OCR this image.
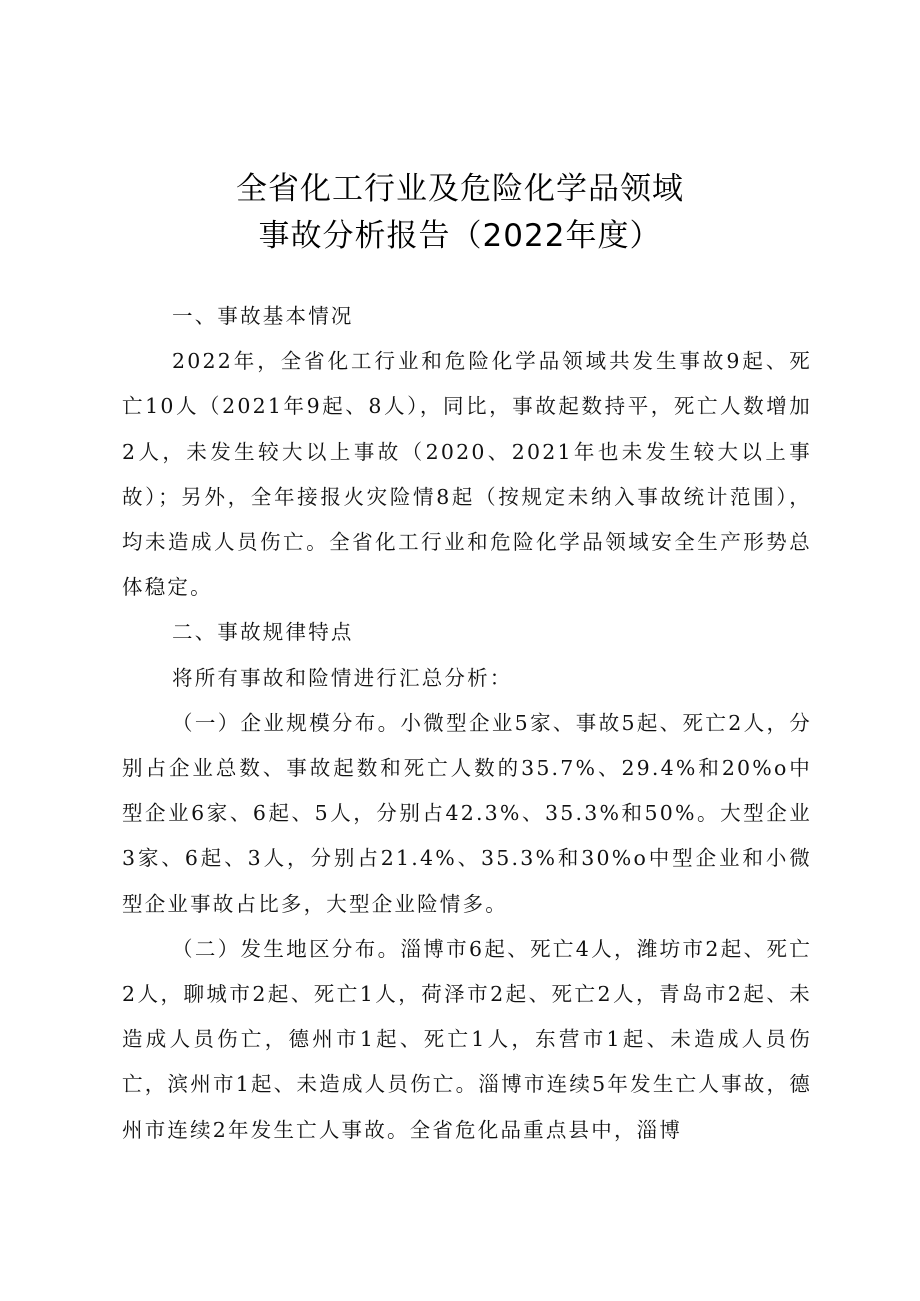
全省化工行业及危险化学品领域
事故分析报告（2022年度）

一、事故基本情况

2022年，全省化工行业和危险化学品领域共发生事故9起、死亡10人（2021年9起、8人），同比，事故起数持平，死亡人数增加2人，未发生较大以上事故（2020、2021年也未发生较大以上事故）；另外，全年接报火灾险情8起（按规定未纳入事故统计范围），均未造成人员伤亡。全省化工行业和危险化学品领域安全生产形势总体稳定。

二、事故规律特点

将所有事故和险情进行汇总分析：

（一）企业规模分布。小微型企业5家、事故5起、死亡2人，分别占企业总数、事故起数和死亡人数的35.7%、29.4%和20%o中型企业6家、6起、5人，分别占42.3%、35.3%和50%。大型企业3家、6起、3人，分别占21.4%、35.3%和30%o中型企业和小微型企业事故占比多，大型企业险情多。

（二）发生地区分布。淄博市6起、死亡4人，潍坊市2起、死亡2人，聊城市2起、死亡1人，荷泽市2起、死亡2人，青岛市2起、未造成人员伤亡，德州市1起、死亡1人，东营市1起、未造成人员伤亡，滨州市1起、未造成人员伤亡。淄博市连续5年发生亡人事故，德州市连续2年发生亡人事故。全省危化品重点县中，淄博
